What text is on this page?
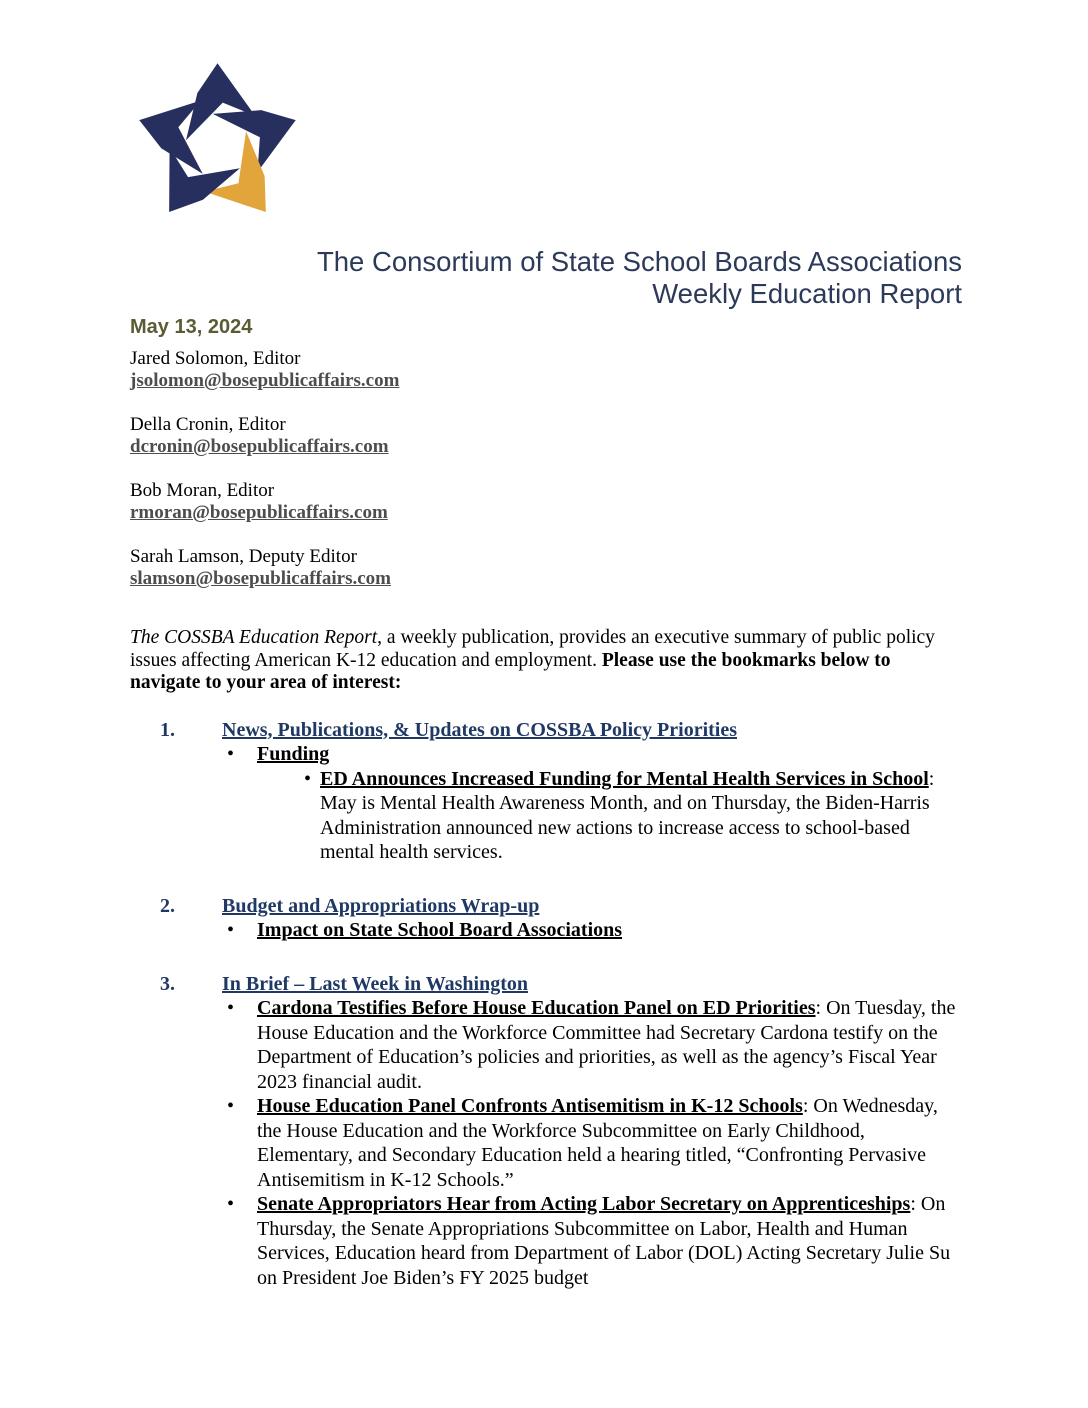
The Consortium of State School Boards Associations
Weekly Education Report
May 13, 2024
Jared Solomon, Editor
jsolomon@bosepublicaffairs.com
Della Cronin, Editor
dcronin@bosepublicaffairs.com
Bob Moran, Editor
rmoran@bosepublicaffairs.com
Sarah Lamson, Deputy Editor
slamson@bosepublicaffairs.com

The COSSBA Education Report, a weekly publication, provides an executive summary of public policy issues affecting American K-12 education and employment. Please use the bookmarks below to navigate to your area of interest:

1. News, Publications, & Updates on COSSBA Policy Priorities
• Funding
• ED Announces Increased Funding for Mental Health Services in School: May is Mental Health Awareness Month, and on Thursday, the Biden-Harris Administration announced new actions to increase access to school-based mental health services.
2. Budget and Appropriations Wrap-up
• Impact on State School Board Associations
3. In Brief – Last Week in Washington
• Cardona Testifies Before House Education Panel on ED Priorities: On Tuesday, the House Education and the Workforce Committee had Secretary Cardona testify on the Department of Education’s policies and priorities, as well as the agency’s Fiscal Year 2023 financial audit.
• House Education Panel Confronts Antisemitism in K-12 Schools: On Wednesday, the House Education and the Workforce Subcommittee on Early Childhood, Elementary, and Secondary Education held a hearing titled, “Confronting Pervasive Antisemitism in K-12 Schools.”
• Senate Appropriators Hear from Acting Labor Secretary on Apprenticeships: On Thursday, the Senate Appropriations Subcommittee on Labor, Health and Human Services, Education heard from Department of Labor (DOL) Acting Secretary Julie Su on President Joe Biden’s FY 2025 budget
